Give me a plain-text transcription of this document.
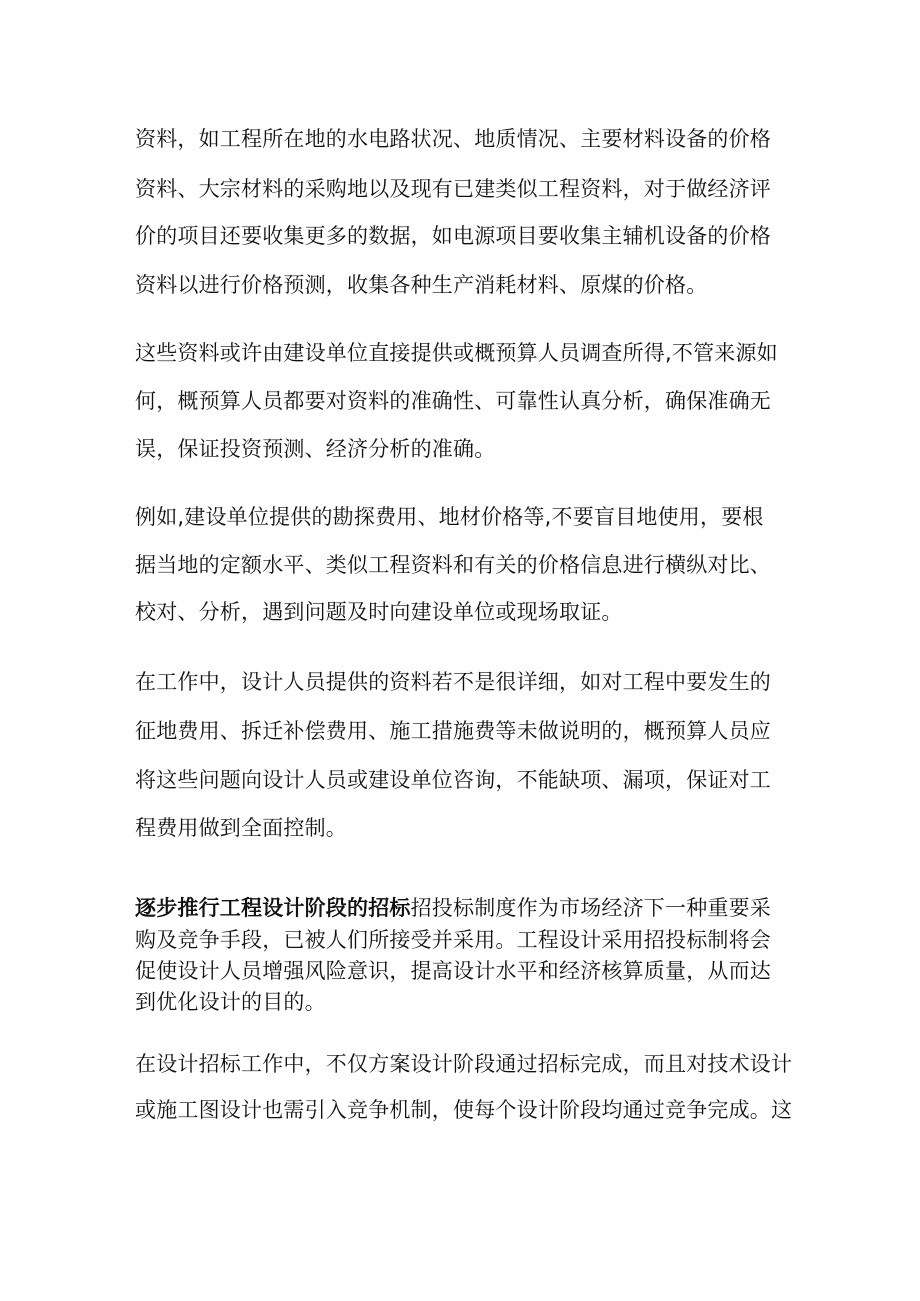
资料，如工程所在地的水电路状况、地质情况、主要材料设备的价格
资料、大宗材料的采购地以及现有已建类似工程资料，对于做经济评
价的项目还要收集更多的数据，如电源项目要收集主辅机设备的价格
资料以进行价格预测，收集各种生产消耗材料、原煤的价格。
这些资料或许由建设单位直接提供或概预算人员调查所得,不管来源如
何，概预算人员都要对资料的准确性、可靠性认真分析，确保准确无
误，保证投资预测、经济分析的准确。
例如,建设单位提供的勘探费用、地材价格等,不要盲目地使用，要根
据当地的定额水平、类似工程资料和有关的价格信息进行横纵对比、
校对、分析，遇到问题及时向建设单位或现场取证。
在工作中，设计人员提供的资料若不是很详细，如对工程中要发生的
征地费用、拆迁补偿费用、施工措施费等未做说明的，概预算人员应
将这些问题向设计人员或建设单位咨询，不能缺项、漏项，保证对工
程费用做到全面控制。
逐步推行工程设计阶段的招标招投标制度作为市场经济下一种重要采
购及竞争手段，已被人们所接受并采用。工程设计采用招投标制将会
促使设计人员增强风险意识，提高设计水平和经济核算质量，从而达
到优化设计的目的。
在设计招标工作中，不仅方案设计阶段通过招标完成，而且对技术设计
或施工图设计也需引入竞争机制，使每个设计阶段均通过竞争完成。这
